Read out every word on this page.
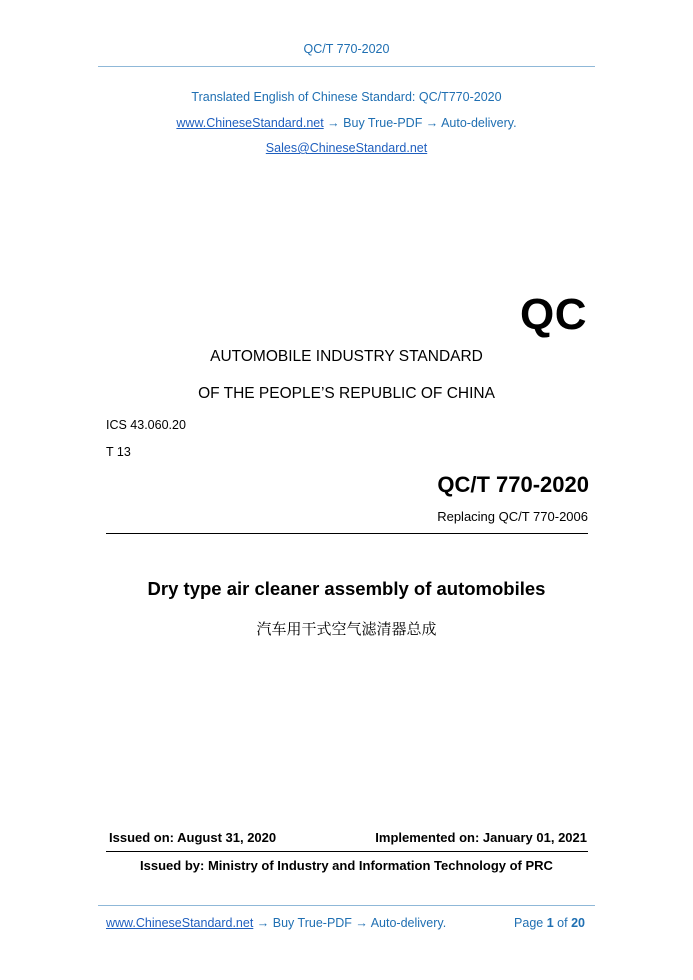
QC/T 770-2020
Translated English of Chinese Standard: QC/T770-2020
www.ChineseStandard.net → Buy True-PDF → Auto-delivery.
Sales@ChineseStandard.net
QC
AUTOMOBILE INDUSTRY STANDARD
OF THE PEOPLE’S REPUBLIC OF CHINA
ICS 43.060.20
T 13
QC/T 770-2020
Replacing QC/T 770-2006
Dry type air cleaner assembly of automobiles
汽车用干式空气滤清器总成
Issued on: August 31, 2020	Implemented on: January 01, 2021
Issued by: Ministry of Industry and Information Technology of PRC
www.ChineseStandard.net → Buy True-PDF → Auto-delivery.	Page 1 of 20
